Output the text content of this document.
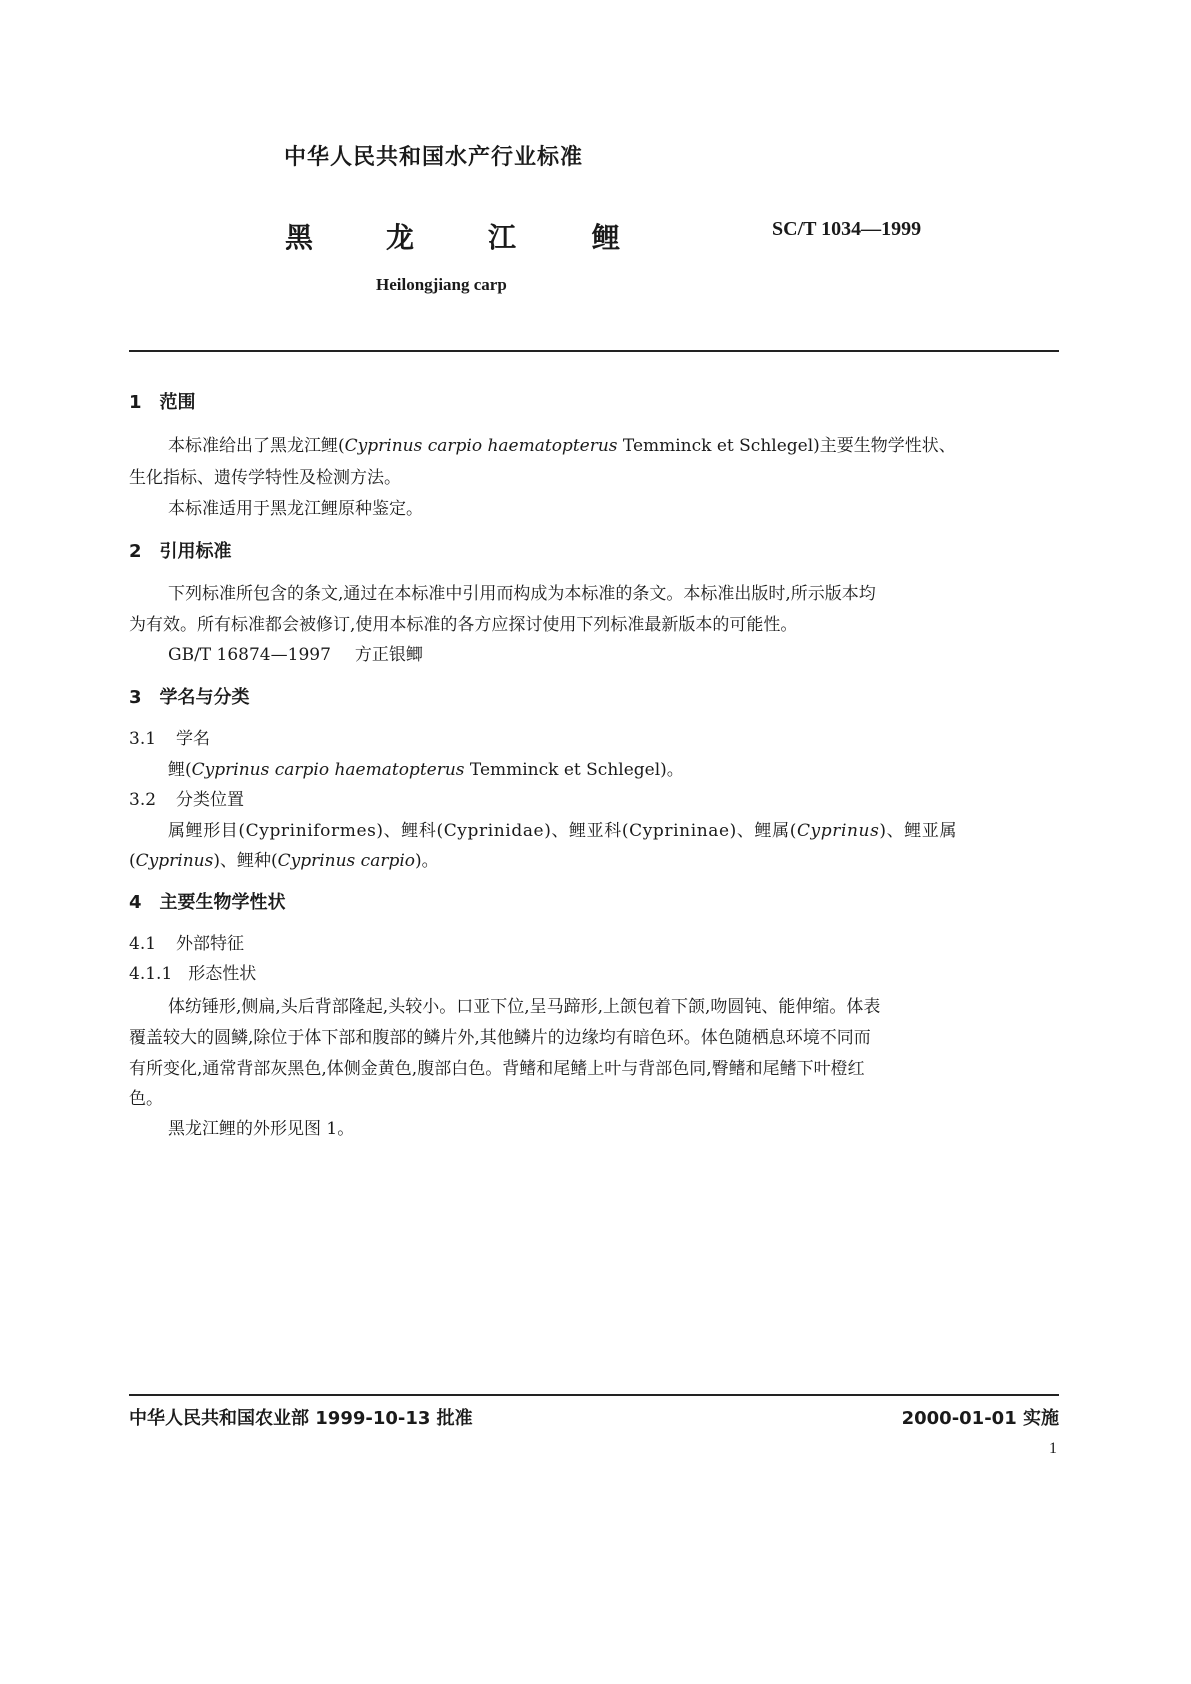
中华人民共和国水产行业标准
黑	龙	江	鲤	SC/T 1034—1999
Heilongjiang carp
1 范围
本标准给出了黑龙江鲤(Cyprinus carpio haematopterus Temminck et Schlegel)主要生物学性状、
生化指标、遗传学特性及检测方法。
本标准适用于黑龙江鲤原种鉴定。
2 引用标准
下列标准所包含的条文,通过在本标准中引用而构成为本标准的条文。本标准出版时,所示版本均
为有效。所有标准都会被修订,使用本标准的各方应探讨使用下列标准最新版本的可能性。
GB/T 16874—1997 方正银鲫
3 学名与分类
3.1 学名
鲤(Cyprinus carpio haematopterus Temminck et Schlegel)。
3.2 分类位置
属鲤形目(Cypriniformes)、鲤科(Cyprinidae)、鲤亚科(Cyprininae)、鲤属(Cyprinus)、鲤亚属
(Cyprinus)、鲤种(Cyprinus carpio)。
4 主要生物学性状
4.1 外部特征
4.1.1 形态性状
体纺锤形,侧扁,头后背部隆起,头较小。口亚下位,呈马蹄形,上颌包着下颌,吻圆钝、能伸缩。体表
覆盖较大的圆鳞,除位于体下部和腹部的鳞片外,其他鳞片的边缘均有暗色环。体色随栖息环境不同而
有所变化,通常背部灰黑色,体侧金黄色,腹部白色。背鳍和尾鳍上叶与背部色同,臀鳍和尾鳍下叶橙红
色。
黑龙江鲤的外形见图 1。
中华人民共和国农业部 1999-10-13 批准	2000-01-01 实施
1
